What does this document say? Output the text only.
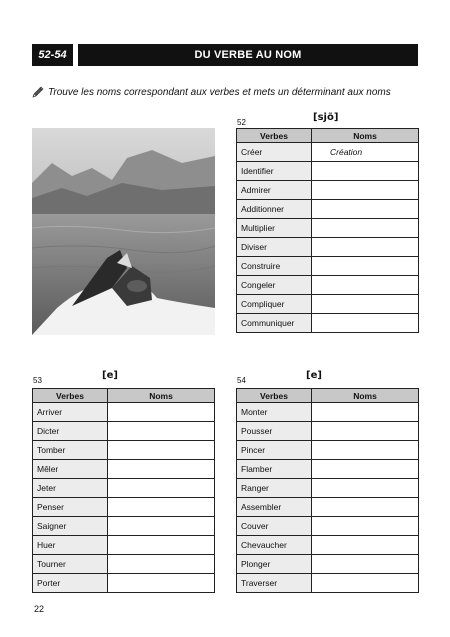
52-54	DU VERBE AU NOM
Trouve les noms correspondant aux verbes et mets un déterminant aux noms
52	[sjõ]
Verbes	Noms
Créer	Création
Identifier	
Admirer	
Additionner	
Multiplier	
Diviser	
Construire	
Congeler	
Compliquer	
Communiquer	
53	[e]
Verbes	Noms
Arriver	
Dicter	
Tomber	
Mêler	
Jeter	
Penser	
Saigner	
Huer	
Tourner	
Porter	
54	[e]
Verbes	Noms
Monter	
Pousser	
Pincer	
Flamber	
Ranger	
Assembler	
Couver	
Chevaucher	
Plonger	
Traverser	
22
